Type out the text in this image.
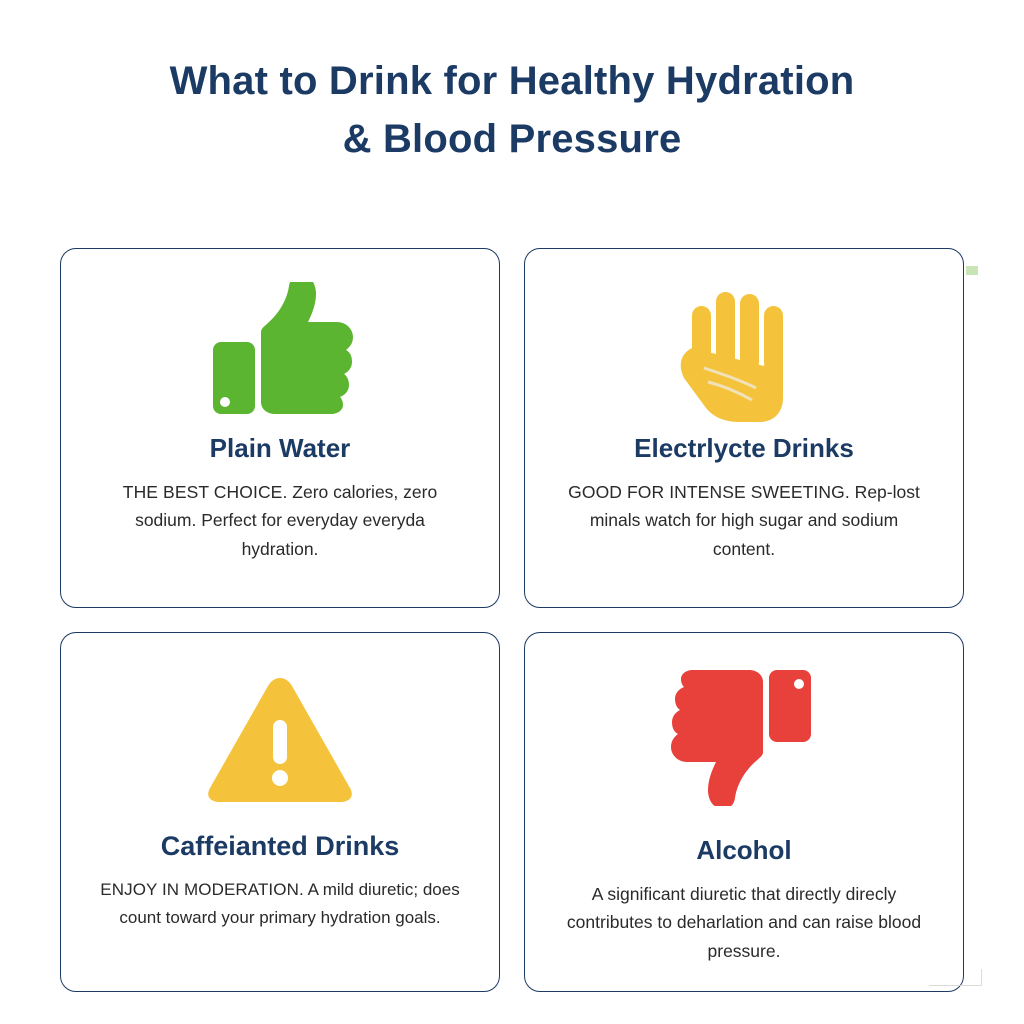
What to Drink for Healthy Hydration
& Blood Pressure
Plain Water
THE BEST CHOICE. Zero calories, zero sodium. Perfect for everyday everyda hydration.
Electrlycte Drinks
GOOD FOR INTENSE SWEETING. Rep-lost minals watch for high sugar and sodium content.
Caffeianted Drinks
ENJOY IN MODERATION. A mild diuretic; does count toward your primary hydration goals.
Alcohol
A significant diuretic that directly direcly contributes to deharlation and can raise blood pressure.
